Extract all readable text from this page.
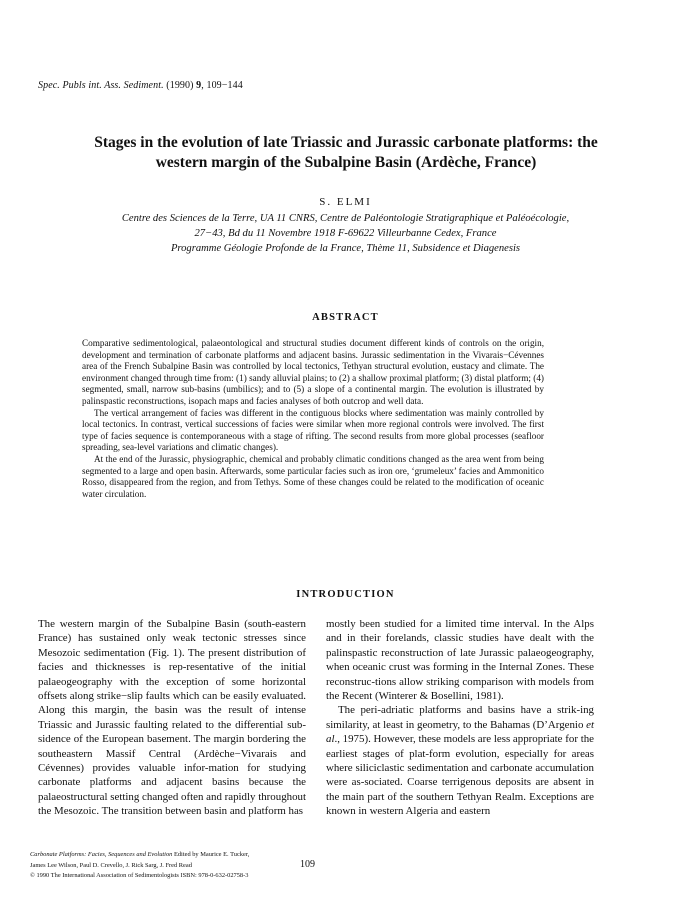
Spec. Publs int. Ass. Sediment. (1990) 9, 109−144
Stages in the evolution of late Triassic and Jurassic carbonate platforms: the
western margin of the Subalpine Basin (Ardèche, France)
S. ELMI
Centre des Sciences de la Terre, UA 11 CNRS, Centre de Paléontologie Stratigraphique et Paléoécologie,
27−43, Bd du 11 Novembre 1918 F-69622 Villeurbanne Cedex, France
Programme Géologie Profonde de la France, Thème 11, Subsidence et Diagenesis
ABSTRACT

Comparative sedimentological, palaeontological and structural studies document different kinds of controls on the origin, development and termination of carbonate platforms and adjacent basins. Jurassic sedimentation in the Vivarais−Cévennes area of the French Subalpine Basin was controlled by local tectonics, Tethyan structural evolution, eustacy and climate. The environment changed through time from: (1) sandy alluvial plains; to (2) a shallow proximal platform; (3) distal platform; (4) segmented, small, narrow sub-basins (umbilics); and to (5) a slope of a continental margin. The evolution is illustrated by palinspastic reconstructions, isopach maps and facies analyses of both outcrop and well data.

The vertical arrangement of facies was different in the contiguous blocks where sedimentation was mainly controlled by local tectonics. In contrast, vertical successions of facies were similar when more regional controls were involved. The first type of facies sequence is contemporaneous with a stage of rifting. The second results from more global processes (seafloor spreading, sea-level variations and climatic changes).

At the end of the Jurassic, physiographic, chemical and probably climatic conditions changed as the area went from being segmented to a large and open basin. Afterwards, some particular facies such as iron ore, ‘grumeleux’ facies and Ammonitico Rosso, disappeared from the region, and from Tethys. Some of these changes could be related to the modification of oceanic water circulation.

INTRODUCTION

The western margin of the Subalpine Basin (south-eastern France) has sustained only weak tectonic stresses since Mesozoic sedimentation (Fig. 1). The present distribution of facies and thicknesses is rep-resentative of the initial palaeogeography with the exception of some horizontal offsets along strike−slip faults which can be easily evaluated. Along this margin, the basin was the result of intense Triassic and Jurassic faulting related to the differential sub-sidence of the European basement. The margin bordering the southeastern Massif Central (Ardèche−Vivarais and Cévennes) provides valuable infor-mation for studying carbonate platforms and adjacent basins because the palaeostructural setting changed often and rapidly throughout the Mesozoic. The transition between basin and platform has

mostly been studied for a limited time interval. In the Alps and in their forelands, classic studies have dealt with the palinspastic reconstruction of late Jurassic palaeogeography, when oceanic crust was forming in the Internal Zones. These reconstruc-tions allow striking comparison with models from the Recent (Winterer & Bosellini, 1981).

The peri-adriatic platforms and basins have a strik-ing similarity, at least in geometry, to the Bahamas (D’Argenio et al., 1975). However, these models are less appropriate for the earliest stages of plat-form evolution, especially for areas where siliciclastic sedimentation and carbonate accumulation were as-sociated. Coarse terrigenous deposits are absent in the main part of the southern Tethyan Realm. Exceptions are known in western Algeria and eastern

Carbonate Platforms: Facies, Sequences and Evolution Edited by Maurice E. Tucker,
James Lee Wilson, Paul D. Crevello, J. Rick Sarg, J. Fred Read
© 1990 The International Association of Sedimentologists ISBN: 978-0-632-02758-3
109
